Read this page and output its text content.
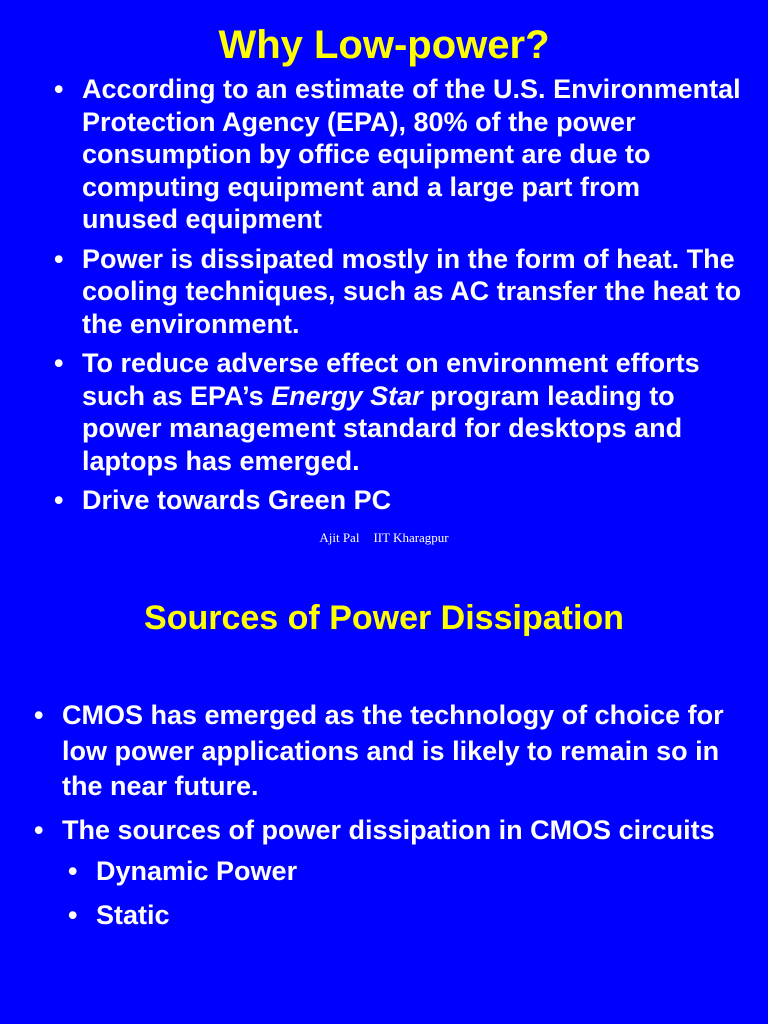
Why Low-power?
• According to an estimate of the U.S. Environmental Protection Agency (EPA), 80% of the power consumption by office equipment are due to computing equipment and a large part from unused equipment
• Power is dissipated mostly in the form of heat. The cooling techniques, such as AC transfer the heat to the environment.
• To reduce adverse effect on environment efforts such as EPA’s Energy Star program leading to power management standard for desktops and laptops has emerged.
• Drive towards Green PC
Ajit Pal IIT Kharagpur
Sources of Power Dissipation
• CMOS has emerged as the technology of choice for low power applications and is likely to remain so in the near future.
• The sources of power dissipation in CMOS circuits
• Dynamic Power
• Static
